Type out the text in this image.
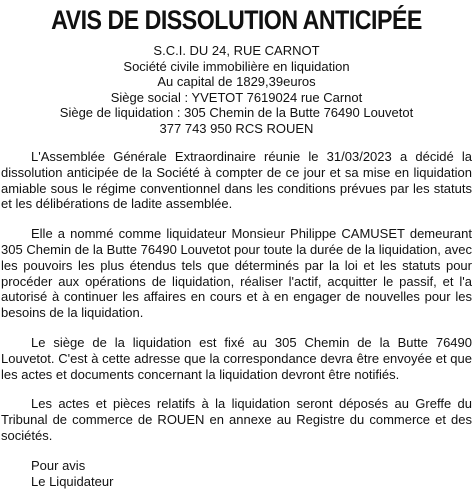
AVIS DE DISSOLUTION ANTICIPÉE
S.C.I. DU 24, RUE CARNOT
Société civile immobilière en liquidation
Au capital de 1829,39euros
Siège social : YVETOT 7619024 rue Carnot
Siège de liquidation : 305 Chemin de la Butte 76490 Louvetot
377 743 950 RCS ROUEN

L'Assemblée Générale Extraordinaire réunie le 31/03/2023 a décidé la dissolution anticipée de la Société à compter de ce jour et sa mise en liquidation amiable sous le régime conventionnel dans les conditions prévues par les statuts et les délibérations de ladite assemblée.

Elle a nommé comme liquidateur Monsieur Philippe CAMUSET demeurant 305 Chemin de la Butte 76490 Louvetot pour toute la durée de la liquidation, avec les pouvoirs les plus étendus tels que déterminés par la loi et les statuts pour procéder aux opérations de liquidation, réaliser l'actif, acquitter le passif, et l'a autorisé à continuer les affaires en cours et à en engager de nouvelles pour les besoins de la liquidation.

Le siège de la liquidation est fixé au 305 Chemin de la Butte 76490 Louvetot. C'est à cette adresse que la correspondance devra être envoyée et que les actes et documents concernant la liquidation devront être notifiés.

Les actes et pièces relatifs à la liquidation seront déposés au Greffe du Tribunal de commerce de ROUEN en annexe au Registre du commerce et des sociétés.

Pour avis
Le Liquidateur
